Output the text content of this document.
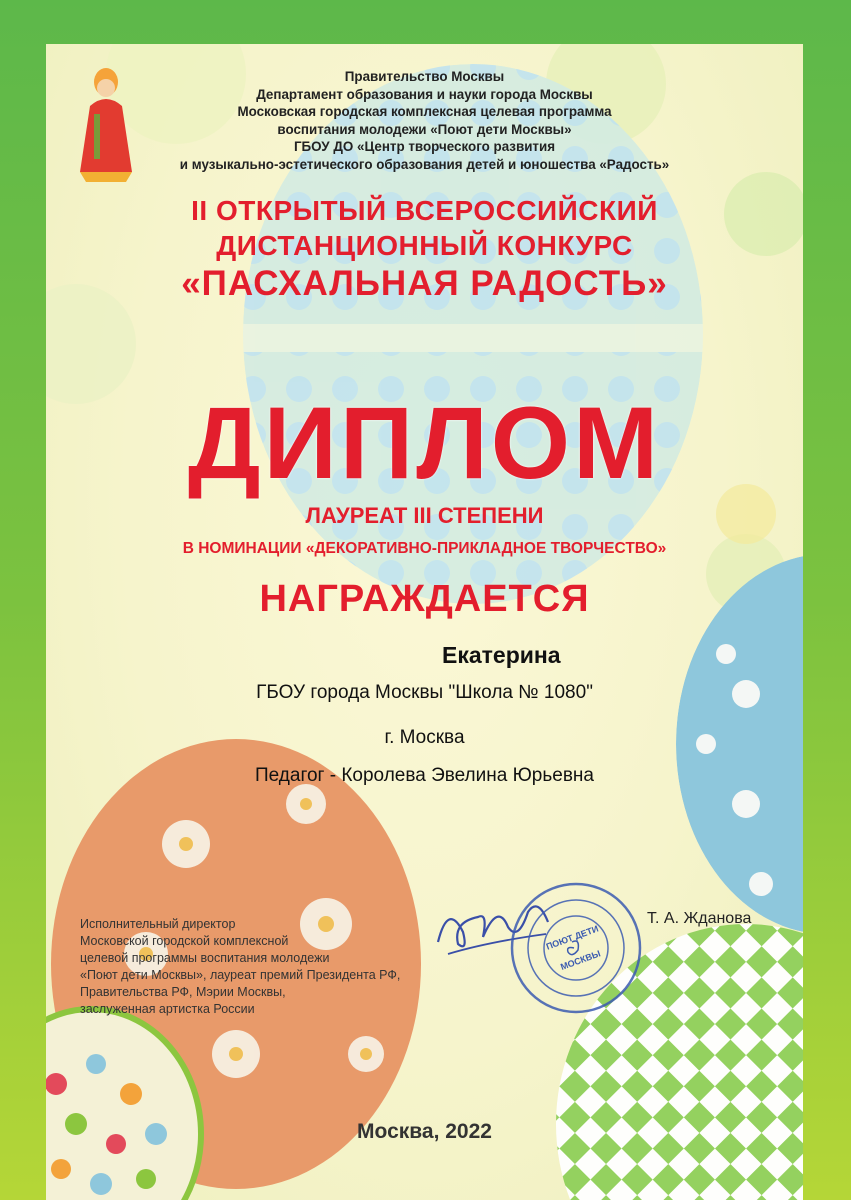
Правительство Москвы
Департамент образования и науки города Москвы
Московская городская комплексная целевая программа
воспитания молодежи «Поют дети Москвы»
ГБОУ ДО «Центр творческого развития
и музыкально-эстетического образования детей и юношества «Радость»
II ОТКРЫТЫЙ ВСЕРОССИЙСКИЙ
ДИСТАНЦИОННЫЙ КОНКУРС
«ПАСХАЛЬНАЯ РАДОСТЬ»
ДИПЛОМ
ЛАУРЕАТ III СТЕПЕНИ
В НОМИНАЦИИ «ДЕКОРАТИВНО-ПРИКЛАДНОЕ ТВОРЧЕСТВО»
НАГРАЖДАЕТСЯ
Екатерина
ГБОУ города Москвы "Школа № 1080"
г. Москва
Педагог - Королева Эвелина Юрьевна
Исполнительный директор
Московской городской комплексной
целевой программы воспитания молодежи
«Поют дети Москвы», лауреат премий Президента РФ,
Правительства РФ, Мэрии Москвы,
заслуженная артистка России
ПОЮТ ДЕТИ
МОСКВЫ
Т. А. Жданова
Москва, 2022
